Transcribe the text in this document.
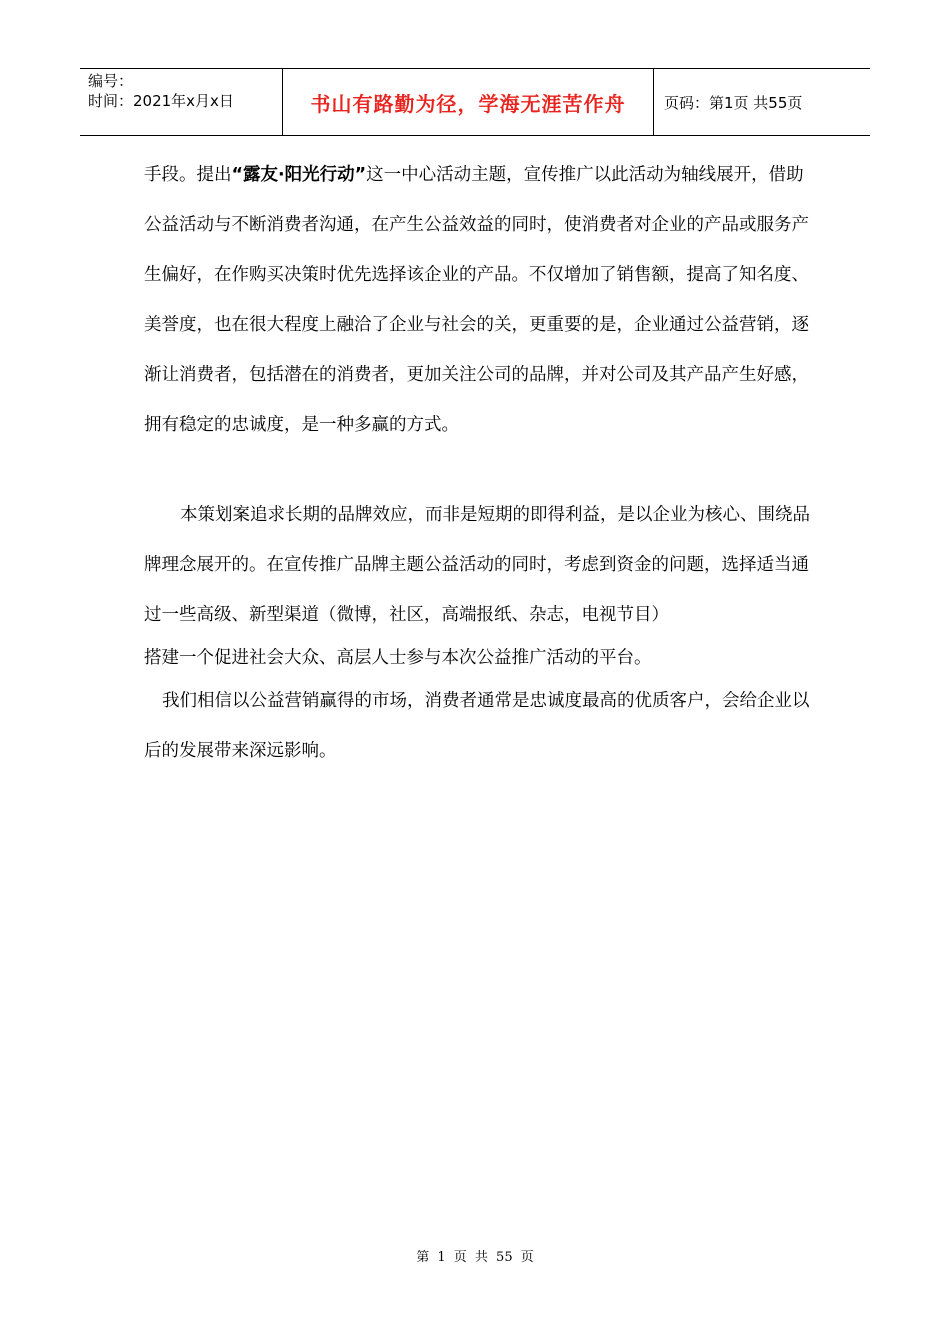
编号：
时间：2021年x月x日	书山有路勤为径，学海无涯苦作舟	页码：第1页 共55页

手段。提出“露友·阳光行动”这一中心活动主题，宣传推广以此活动为轴线展开，借助公益活动与不断消费者沟通，在产生公益效益的同时，使消费者对企业的产品或服务产生偏好，在作购买决策时优先选择该企业的产品。不仅增加了销售额，提高了知名度、美誉度，也在很大程度上融洽了企业与社会的关，更重要的是，企业通过公益营销，逐渐让消费者，包括潜在的消费者，更加关注公司的品牌，并对公司及其产品产生好感，拥有稳定的忠诚度，是一种多赢的方式。

本策划案追求长期的品牌效应，而非是短期的即得利益，是以企业为核心、围绕品牌理念展开的。在宣传推广品牌主题公益活动的同时，考虑到资金的问题，选择适当通过一些高级、新型渠道（微博，社区，高端报纸、杂志，电视节目）

搭建一个促进社会大众、高层人士参与本次公益推广活动的平台。

我们相信以公益营销赢得的市场，消费者通常是忠诚度最高的优质客户，会给企业以后的发展带来深远影响。

第 1 页 共 55 页
